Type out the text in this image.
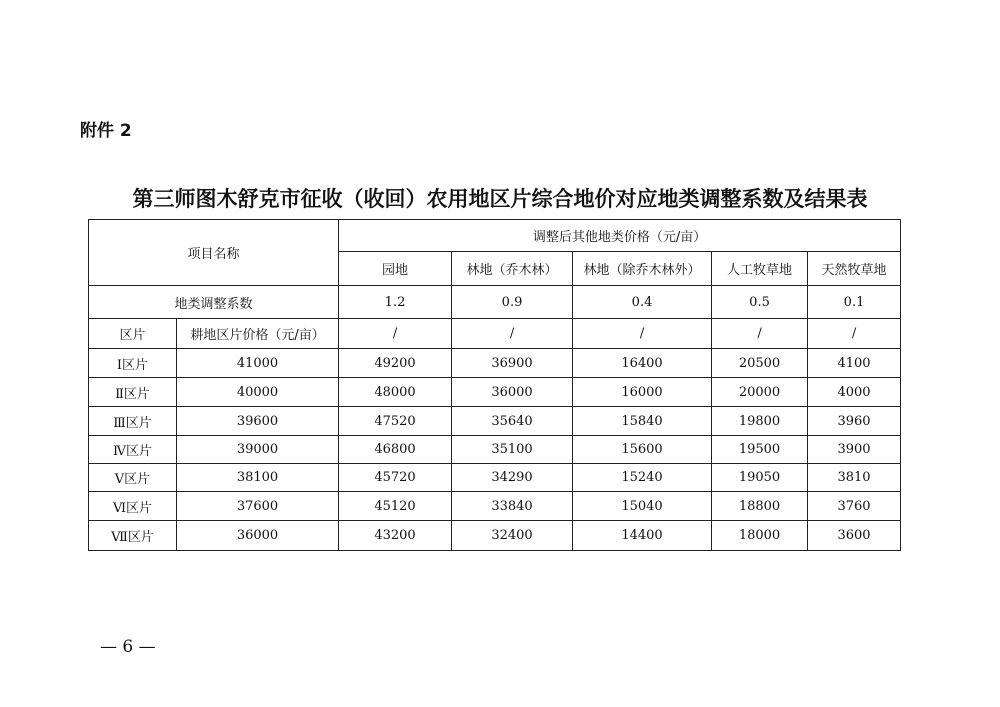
附件 2
第三师图木舒克市征收（收回）农用地区片综合地价对应地类调整系数及结果表
项目名称		调整后其他地类价格（元/亩）				
		园地	林地（乔木林）	林地（除乔木林外）	人工牧草地	天然牧草地
地类调整系数		1.2	0.9	0.4	0.5	0.1
区片	耕地区片价格（元/亩）	/	/	/	/	/
Ⅰ区片	41000	49200	36900	16400	20500	4100
Ⅱ区片	40000	48000	36000	16000	20000	4000
Ⅲ区片	39600	47520	35640	15840	19800	3960
Ⅳ区片	39000	46800	35100	15600	19500	3900
Ⅴ区片	38100	45720	34290	15240	19050	3810
Ⅵ区片	37600	45120	33840	15040	18800	3760
Ⅶ区片	36000	43200	32400	14400	18000	3600
— 6 —
